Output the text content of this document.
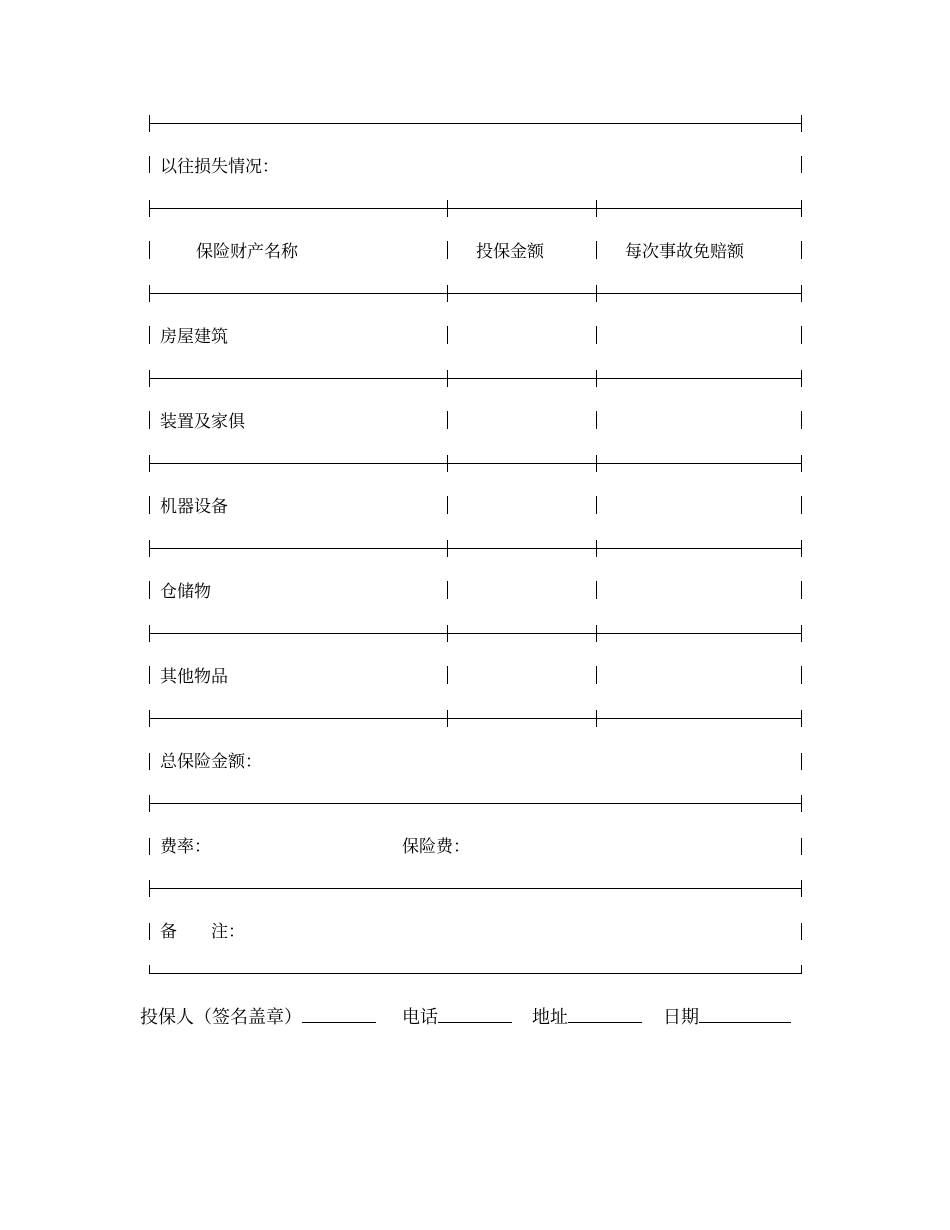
以往损失情况：
保险财产名称	投保金额	每次事故免赔额
房屋建筑
装置及家俱
机器设备
仓储物
其他物品
总保险金额：
费率：	保险费：
备　　注：
投保人（签名盖章）	电话	地址	日期
